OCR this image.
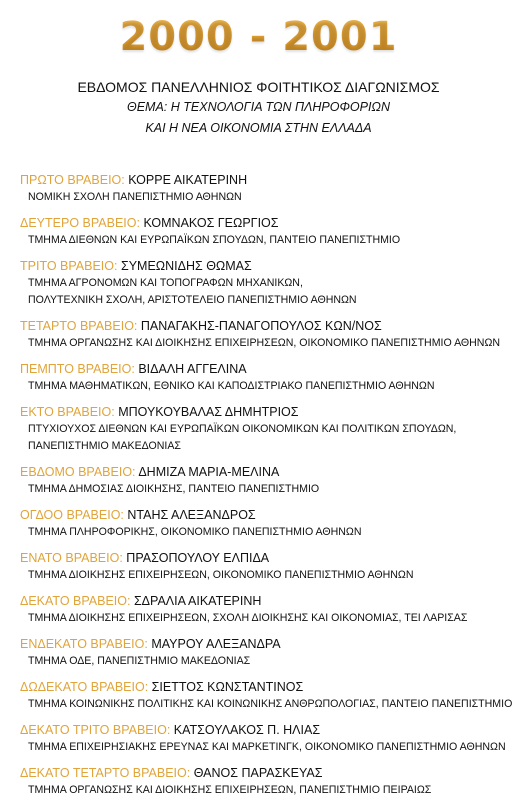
2000 - 2001
ΕΒΔΟΜΟΣ ΠΑΝΕΛΛΗΝΙΟΣ ΦΟΙΤΗΤΙΚΟΣ ΔΙΑΓΩΝΙΣΜΟΣ
ΘΕΜΑ: Η ΤΕΧΝΟΛΟΓΙΑ ΤΩΝ ΠΛΗΡΟΦΟΡΙΩΝ
ΚΑΙ Η ΝΕΑ ΟΙΚΟΝΟΜΙΑ ΣΤΗΝ ΕΛΛΑΔΑ
ΠΡΩΤΟ ΒΡΑΒΕΙΟ: ΚΟΡΡΕ ΑΙΚΑΤΕΡΙΝΗ
ΝΟΜΙΚΗ ΣΧΟΛΗ ΠΑΝΕΠΙΣΤΗΜΙΟ ΑΘΗΝΩΝ
ΔΕΥΤΕΡΟ ΒΡΑΒΕΙΟ: ΚΟΜΝΑΚΟΣ ΓΕΩΡΓΙΟΣ
ΤΜΗΜΑ ΔΙΕΘΝΩΝ ΚΑΙ ΕΥΡΩΠΑΪΚΩΝ ΣΠΟΥΔΩΝ, ΠΑΝΤΕΙΟ ΠΑΝΕΠΙΣΤΗΜΙΟ
ΤΡΙΤΟ ΒΡΑΒΕΙΟ: ΣΥΜΕΩΝΙΔΗΣ ΘΩΜΑΣ
ΤΜΗΜΑ ΑΓΡΟΝΟΜΩΝ ΚΑΙ ΤΟΠΟΓΡΑΦΩΝ ΜΗΧΑΝΙΚΩΝ,
ΠΟΛΥΤΕΧΝΙΚΗ ΣΧΟΛΗ, ΑΡΙΣΤΟΤΕΛΕΙΟ ΠΑΝΕΠΙΣΤΗΜΙΟ ΑΘΗΝΩΝ
ΤΕΤΑΡΤΟ ΒΡΑΒΕΙΟ: ΠΑΝΑΓΑΚΗΣ-ΠΑΝΑΓΟΠΟΥΛΟΣ ΚΩΝ/ΝΟΣ
ΤΜΗΜΑ ΟΡΓΑΝΩΣΗΣ ΚΑΙ ΔΙΟΙΚΗΣΗΣ ΕΠΙΧΕΙΡΗΣΕΩΝ, ΟΙΚΟΝΟΜΙΚΟ ΠΑΝΕΠΙΣΤΗΜΙΟ ΑΘΗΝΩΝ
ΠΕΜΠΤΟ ΒΡΑΒΕΙΟ: ΒΙΔΑΛΗ ΑΓΓΕΛΙΝΑ
ΤΜΗΜΑ ΜΑΘΗΜΑΤΙΚΩΝ, ΕΘΝΙΚΟ ΚΑΙ ΚΑΠΟΔΙΣΤΡΙΑΚΟ ΠΑΝΕΠΙΣΤΗΜΙΟ ΑΘΗΝΩΝ
ΕΚΤΟ ΒΡΑΒΕΙΟ: ΜΠΟΥΚΟΥΒΑΛΑΣ ΔΗΜΗΤΡΙΟΣ
ΠΤΥΧΙΟΥΧΟΣ ΔΙΕΘΝΩΝ ΚΑΙ ΕΥΡΩΠΑΪΚΩΝ ΟΙΚΟΝΟΜΙΚΩΝ ΚΑΙ ΠΟΛΙΤΙΚΩΝ ΣΠΟΥΔΩΝ,
ΠΑΝΕΠΙΣΤΗΜΙΟ ΜΑΚΕΔΟΝΙΑΣ
ΕΒΔΟΜΟ ΒΡΑΒΕΙΟ: ΔΗΜΙΖΑ ΜΑΡΙΑ-ΜΕΛΙΝΑ
ΤΜΗΜΑ ΔΗΜΟΣΙΑΣ ΔΙΟΙΚΗΣΗΣ, ΠΑΝΤΕΙΟ ΠΑΝΕΠΙΣΤΗΜΙΟ
ΟΓΔΟΟ ΒΡΑΒΕΙΟ: ΝΤΑΗΣ ΑΛΕΞΑΝΔΡΟΣ
ΤΜΗΜΑ ΠΛΗΡΟΦΟΡΙΚΗΣ, ΟΙΚΟΝΟΜΙΚΟ ΠΑΝΕΠΙΣΤΗΜΙΟ ΑΘΗΝΩΝ
ΕΝΑΤΟ ΒΡΑΒΕΙΟ: ΠΡΑΣΟΠΟΥΛΟΥ ΕΛΠΙΔΑ
ΤΜΗΜΑ ΔΙΟΙΚΗΣΗΣ ΕΠΙΧΕΙΡΗΣΕΩΝ, ΟΙΚΟΝΟΜΙΚΟ ΠΑΝΕΠΙΣΤΗΜΙΟ ΑΘΗΝΩΝ
ΔΕΚΑΤΟ ΒΡΑΒΕΙΟ: ΣΔΡΑΛΙΑ ΑΙΚΑΤΕΡΙΝΗ
ΤΜΗΜΑ ΔΙΟΙΚΗΣΗΣ ΕΠΙΧΕΙΡΗΣΕΩΝ, ΣΧΟΛΗ ΔΙΟΙΚΗΣΗΣ ΚΑΙ ΟΙΚΟΝΟΜΙΑΣ, ΤΕΙ ΛΑΡΙΣΑΣ
ΕΝΔΕΚΑΤΟ ΒΡΑΒΕΙΟ: ΜΑΥΡΟΥ ΑΛΕΞΑΝΔΡΑ
ΤΜΗΜΑ ΟΔΕ, ΠΑΝΕΠΙΣΤΗΜΙΟ ΜΑΚΕΔΟΝΙΑΣ
ΔΩΔΕΚΑΤΟ ΒΡΑΒΕΙΟ: ΣΙΕΤΤΟΣ ΚΩΝΣΤΑΝΤΙΝΟΣ
ΤΜΗΜΑ ΚΟΙΝΩΝΙΚΗΣ ΠΟΛΙΤΙΚΗΣ ΚΑΙ ΚΟΙΝΩΝΙΚΗΣ ΑΝΘΡΩΠΟΛΟΓΙΑΣ, ΠΑΝΤΕΙΟ ΠΑΝΕΠΙΣΤΗΜΙΟ
ΔΕΚΑΤΟ ΤΡΙΤΟ ΒΡΑΒΕΙΟ: ΚΑΤΣΟΥΛΑΚΟΣ Π. ΗΛΙΑΣ
ΤΜΗΜΑ ΕΠΙΧΕΙΡΗΣΙΑΚΗΣ ΕΡΕΥΝΑΣ ΚΑΙ ΜΑΡΚΕΤΙΝΓΚ, ΟΙΚΟΝΟΜΙΚΟ ΠΑΝΕΠΙΣΤΗΜΙΟ ΑΘΗΝΩΝ
ΔΕΚΑΤΟ ΤΕΤΑΡΤΟ ΒΡΑΒΕΙΟ: ΘΑΝΟΣ ΠΑΡΑΣΚΕΥΑΣ
ΤΜΗΜΑ ΟΡΓΑΝΩΣΗΣ ΚΑΙ ΔΙΟΙΚΗΣΗΣ ΕΠΙΧΕΙΡΗΣΕΩΝ, ΠΑΝΕΠΙΣΤΗΜΙΟ ΠΕΙΡΑΙΩΣ
